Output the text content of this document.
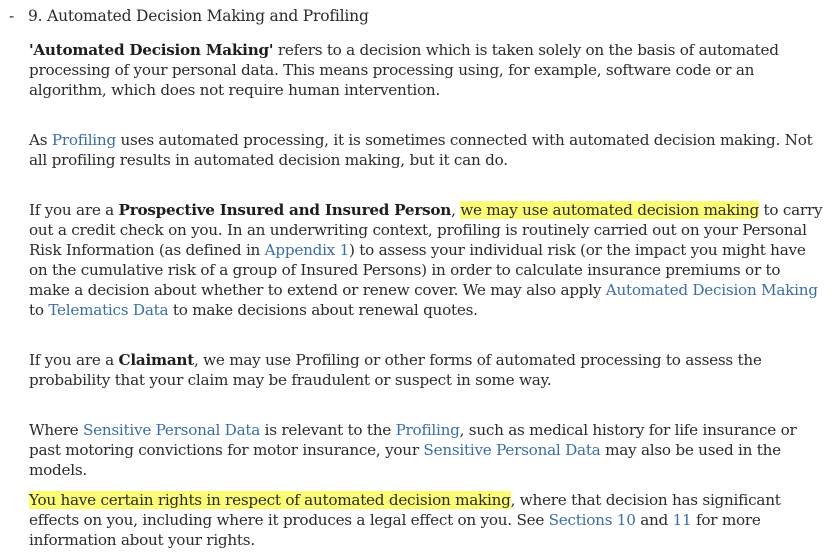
- 9. Automated Decision Making and Profiling

'Automated Decision Making' refers to a decision which is taken solely on the basis of automated processing of your personal data. This means processing using, for example, software code or an algorithm, which does not require human intervention.

As Profiling uses automated processing, it is sometimes connected with automated decision making. Not all profiling results in automated decision making, but it can do.

If you are a Prospective Insured and Insured Person, we may use automated decision making to carry out a credit check on you. In an underwriting context, profiling is routinely carried out on your Personal Risk Information (as defined in Appendix 1) to assess your individual risk (or the impact you might have on the cumulative risk of a group of Insured Persons) in order to calculate insurance premiums or to make a decision about whether to extend or renew cover. We may also apply Automated Decision Making to Telematics Data to make decisions about renewal quotes.

If you are a Claimant, we may use Profiling or other forms of automated processing to assess the probability that your claim may be fraudulent or suspect in some way.

Where Sensitive Personal Data is relevant to the Profiling, such as medical history for life insurance or past motoring convictions for motor insurance, your Sensitive Personal Data may also be used in the models.

You have certain rights in respect of automated decision making, where that decision has significant effects on you, including where it produces a legal effect on you. See Sections 10 and 11 for more information about your rights.
